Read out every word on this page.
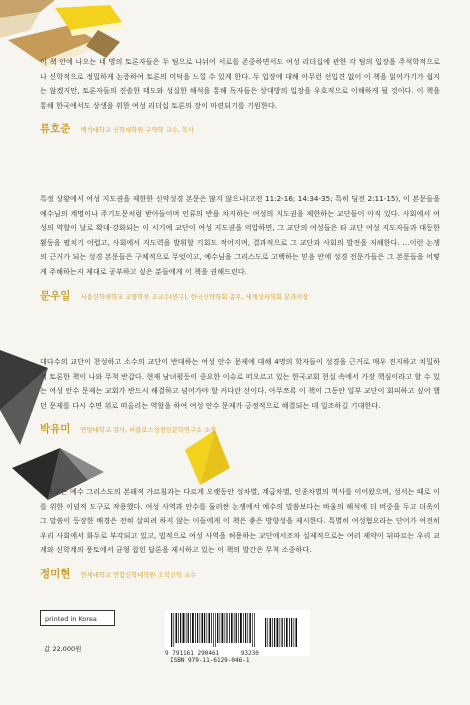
이 책 안에 나오는 네 명의 토론자들은 두 팀으로 나뉘어 서로를 존중하면서도 여성 리더십에 관한 각 팀의 입장을 주석학적으로나 신학적으로 정밀하게 논증하여 토론의 미덕을 느낄 수 있게 한다. 두 입장에 대해 아무런 선입견 없이 이 책을 읽어가기가 쉽지는 않겠지만, 토론자들의 진솔한 태도와 성실한 해석을 통해 독자들은 상대방의 입장을 우호적으로 이해하게 될 것이다. 이 책을 통해 한국에서도 상생을 위한 여성 리더십 토론의 장이 마련되기를 기원한다.

류호준 백석대학교 신학대학원 구약학 교수, 목사

특정 상황에서 여성 지도권을 제한한 신약성경 본문은 많지 않으나(고전 11:2-16; 14:34-35; 특히 딤전 2:11-15), 이 본문들을 예수님의 계명이나 주기도문처럼 받아들이며 인류의 반을 차지하는 여성의 지도권을 제한하는 교단들이 아직 있다. 사회에서 여성의 역할이 날로 확대·강화되는 이 시기에 교단이 여성 지도권을 억압하면, 그 교단의 여성들은 타 교단 여성 지도자들과 대등한 활동을 펼치기 어렵고, 사회에서 지도력을 발휘할 기회도 적어지며, 결과적으로 그 교단과 사회의 발전을 저해한다. …이런 논쟁의 근거가 되는 성경 본문들은 구체적으로 무엇이고, 예수님을 그리스도로 고백하는 믿음 안에 성경 전문가들은 그 본문들을 어떻게 주해하는지 제대로 공부하고 싶은 분들에게 이 책을 권해드린다.

문우일 서울신학대학교 교양학부 조교수(연구), 한국신약학회 총무, 세계성서학회 분과의장

대다수의 교단이 찬성하고 소수의 교단이 반대하는 여성 안수 문제에 대해 4명의 학자들이 성경을 근거로 매우 진지하고 치밀하게 토론한 책이 나와 무척 반갑다. 현재 남녀평등이 중요한 이슈로 떠오르고 있는 한국교회 현실 속에서 가장 핵심이라고 할 수 있는 여성 안수 문제는 교회가 반드시 해결하고 넘어가야 할 커다란 산이다. 아무쪼록 이 책이 그동안 일부 교단이 회피하고 싶어 했던 문제를 다시 수면 위로 떠올리는 역할을 하여 여성 안수 문제가 긍정적으로 해결되는 데 일조하길 기대한다.

박유미 안양대학교 강사, 비블로스성경인문학연구소 소장

기독교는 예수 그리스도의 본래적 가르침과는 다르게 오랫동안 성차별, 계급차별, 인종차별의 역사를 이어왔으며, 성서는 때로 이를 위한 이념적 도구로 작용했다. 여성 사역과 안수를 둘러싼 논쟁에서 예수의 말씀보다는 바울의 해석에 더 비중을 두고 더욱이 그 말씀이 등장한 배경은 전혀 살피려 하지 않는 이들에게 이 책은 좋은 방향성을 제시한다. 특별히 여성혐오라는 단어가 여전히 우리 사회에서 화두로 부각되고 있고, 법적으로 여성 사역을 허용하는 교단에서조차 실제적으로는 여러 제약이 뒤따르는 우리 교계와 신학계의 풍토에서 균형 잡힌 답론을 제시하고 있는 이 책의 발간은 무척 소중하다.

정미현 연세대학교 연합신학대학원 조직신학 교수
printed in Korea
값 22,000원
9 791161 290461	93230
ISBN 979-11-6129-046-1
